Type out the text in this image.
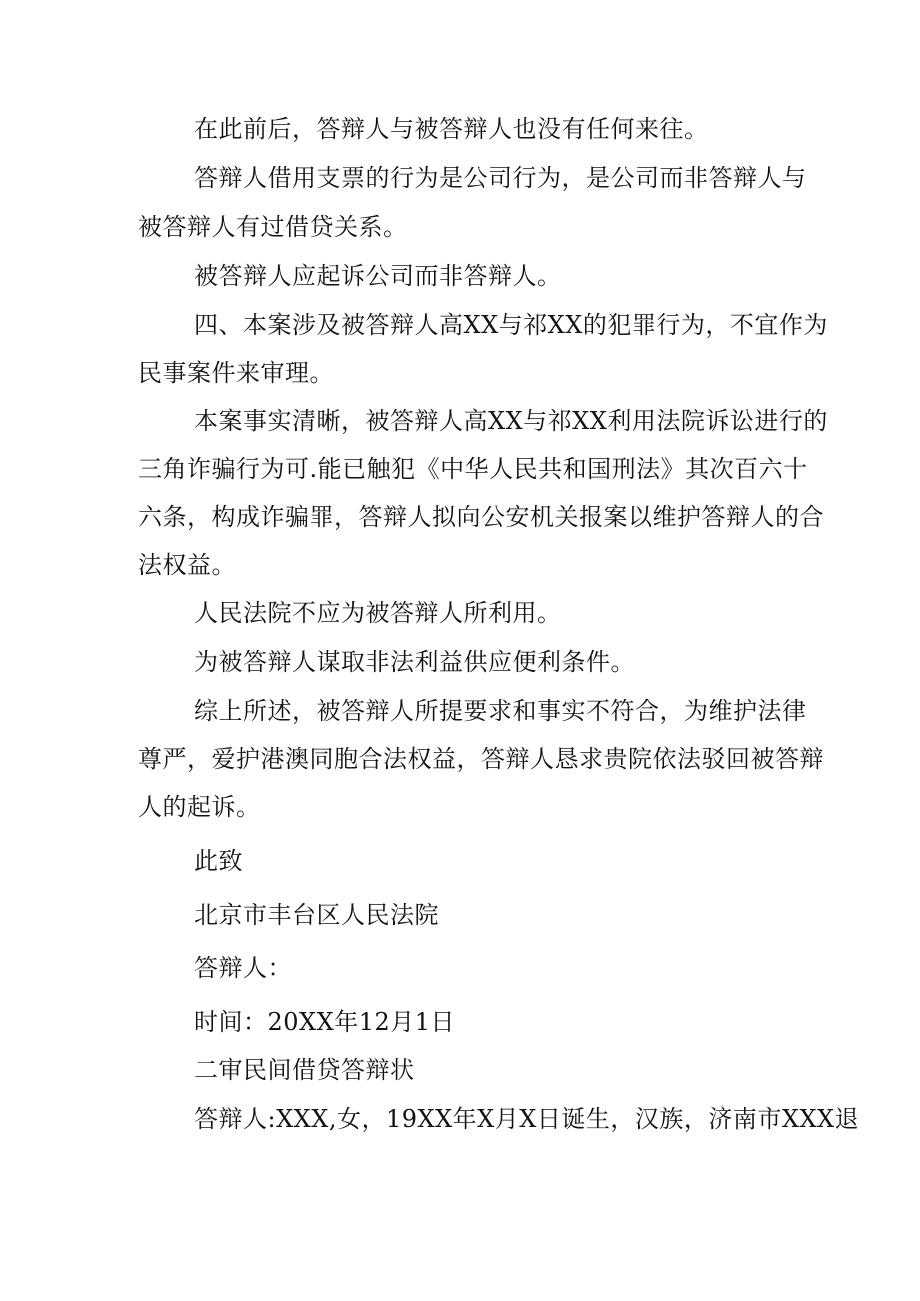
在此前后，答辩人与被答辩人也没有任何来往。
答辩人借用支票的行为是公司行为，是公司而非答辩人与
被答辩人有过借贷关系。
被答辩人应起诉公司而非答辩人。
四、本案涉及被答辩人高XX与祁XX的犯罪行为，不宜作为
民事案件来审理。
本案事实清晰，被答辩人高XX与祁XX利用法院诉讼进行的
三角诈骗行为可.能已触犯《中华人民共和国刑法》其次百六十
六条，构成诈骗罪，答辩人拟向公安机关报案以维护答辩人的合
法权益。
人民法院不应为被答辩人所利用。
为被答辩人谋取非法利益供应便利条件。
综上所述，被答辩人所提要求和事实不符合，为维护法律
尊严，爱护港澳同胞合法权益，答辩人恳求贵院依法驳回被答辩
人的起诉。
此致
北京市丰台区人民法院
答辩人：
时间：20XX年12月1日
二审民间借贷答辩状
答辩人:XXX,女，19XX年X月X日诞生，汉族，济南市XXX退
